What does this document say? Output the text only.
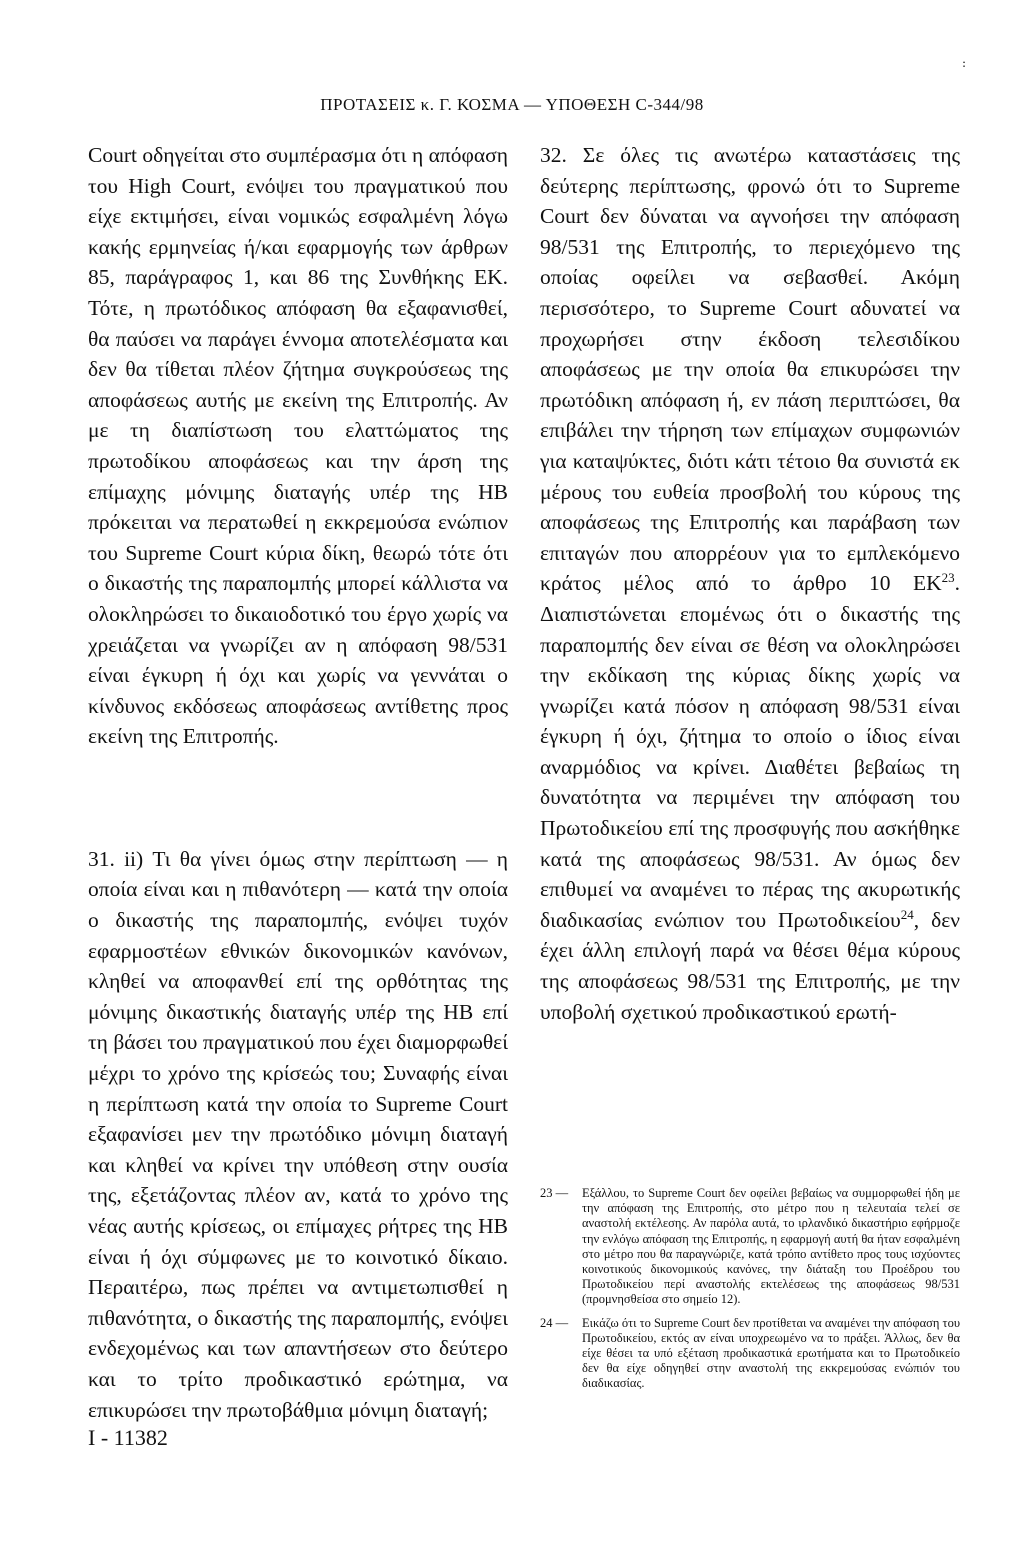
:
ΠΡΟΤΑΣΕΙΣ κ. Γ. ΚΟΣΜΑ — ΥΠΟΘΕΣΗ C-344/98

Court οδηγείται στο συμπέρασμα ότι η απόφαση του High Court, ενόψει του πραγματικού που είχε εκτιμήσει, είναι νομικώς εσφαλμένη λόγω κακής ερμηνείας ή/και εφαρμογής των άρθρων 85, παράγραφος 1, και 86 της Συνθήκης ΕΚ. Τότε, η πρωτόδικος απόφαση θα εξαφανισθεί, θα παύσει να παράγει έννομα αποτελέσματα και δεν θα τίθεται πλέον ζήτημα συγκρούσεως της αποφάσεως αυτής με εκείνη της Επιτροπής. Αν με τη διαπίστωση του ελαττώματος της πρωτοδίκου αποφάσεως και την άρση της επίμαχης μόνιμης διαταγής υπέρ της ΗΒ πρόκειται να περατωθεί η εκκρεμούσα ενώπιον του Supreme Court κύρια δίκη, θεωρώ τότε ότι ο δικαστής της παραπομπής μπορεί κάλλιστα να ολοκληρώσει το δικαιοδοτικό του έργο χωρίς να χρειάζεται να γνωρίζει αν η απόφαση 98/531 είναι έγκυρη ή όχι και χωρίς να γεννάται ο κίνδυνος εκδόσεως αποφάσεως αντίθετης προς εκείνη της Επιτροπής.

31. ii) Τι θα γίνει όμως στην περίπτωση — η οποία είναι και η πιθανότερη — κατά την οποία ο δικαστής της παραπομπής, ενόψει τυχόν εφαρμοστέων εθνικών δικονομικών κανόνων, κληθεί να αποφανθεί επί της ορθότητας της μόνιμης δικαστικής διαταγής υπέρ της ΗΒ επί τη βάσει του πραγματικού που έχει διαμορφωθεί μέχρι το χρόνο της κρίσεώς του; Συναφής είναι η περίπτωση κατά την οποία το Supreme Court εξαφανίσει μεν την πρωτόδικο μόνιμη διαταγή και κληθεί να κρίνει την υπόθεση στην ουσία της, εξετάζοντας πλέον αν, κατά το χρόνο της νέας αυτής κρίσεως, οι επίμαχες ρήτρες της ΗΒ είναι ή όχι σύμφωνες με το κοινοτικό δίκαιο. Περαιτέρω, πως πρέπει να αντιμετωπισθεί η πιθανότητα, ο δικαστής της παραπομπής, ενόψει ενδεχομένως και των απαντήσεων στο δεύτερο και το τρίτο προδικαστικό ερώτημα, να επικυρώσει την πρωτοβάθμια μόνιμη διαταγή;

32. Σε όλες τις ανωτέρω καταστάσεις της δεύτερης περίπτωσης, φρονώ ότι το Supreme Court δεν δύναται να αγνοήσει την απόφαση 98/531 της Επιτροπής, το περιεχόμενο της οποίας οφείλει να σεβασθεί. Ακόμη περισσότερο, το Supreme Court αδυνατεί να προχωρήσει στην έκδοση τελεσιδίκου αποφάσεως με την οποία θα επικυρώσει την πρωτόδικη απόφαση ή, εν πάση περιπτώσει, θα επιβάλει την τήρηση των επίμαχων συμφωνιών για καταψύκτες, διότι κάτι τέτοιο θα συνιστά εκ μέρους του ευθεία προσβολή του κύρους της αποφάσεως της Επιτροπής και παράβαση των επιταγών που απορρέουν για το εμπλεκόμενο κράτος μέλος από το άρθρο 10 ΕΚ$^{23}$. Διαπιστώνεται επομένως ότι ο δικαστής της παραπομπής δεν είναι σε θέση να ολοκληρώσει την εκδίκαση της κύριας δίκης χωρίς να γνωρίζει κατά πόσον η απόφαση 98/531 είναι έγκυρη ή όχι, ζήτημα το οποίο ο ίδιος είναι αναρμόδιος να κρίνει. Διαθέτει βεβαίως τη δυνατότητα να περιμένει την απόφαση του Πρωτοδικείου επί της προσφυγής που ασκήθηκε κατά της αποφάσεως 98/531. Αν όμως δεν επιθυμεί να αναμένει το πέρας της ακυρωτικής διαδικασίας ενώπιον του Πρωτοδικείου$^{24}$, δεν έχει άλλη επιλογή παρά να θέσει θέμα κύρους της αποφάσεως 98/531 της Επιτροπής, με την υποβολή σχετικού προδικαστικού ερωτή-

23 — Εξάλλου, το Supreme Court δεν οφείλει βεβαίως να συμμορφωθεί ήδη με την απόφαση της Επιτροπής, στο μέτρο που η τελευταία τελεί σε αναστολή εκτέλεσης. Αν παρόλα αυτά, το ιρλανδικό δικαστήριο εφήρμοζε την ενλόγω απόφαση της Επιτροπής, η εφαρμογή αυτή θα ήταν εσφαλμένη στο μέτρο που θα παραγνώριζε, κατά τρόπο αντίθετο προς τους ισχύοντες κοινοτικούς δικονομικούς κανόνες, την διάταξη του Προέδρου του Πρωτοδικείου περί αναστολής εκτελέσεως της αποφάσεως 98/531 (προμνησθείσα στο σημείο 12).
24 — Εικάζω ότι το Supreme Court δεν προτίθεται να αναμένει την απόφαση του Πρωτοδικείου, εκτός αν είναι υποχρεωμένο να το πράξει. Άλλως, δεν θα είχε θέσει τα υπό εξέταση προδικαστικά ερωτήματα και το Πρωτοδικείο δεν θα είχε οδηγηθεί στην αναστολή της εκκρεμούσας ενώπιόν του διαδικασίας.
I - 11382
